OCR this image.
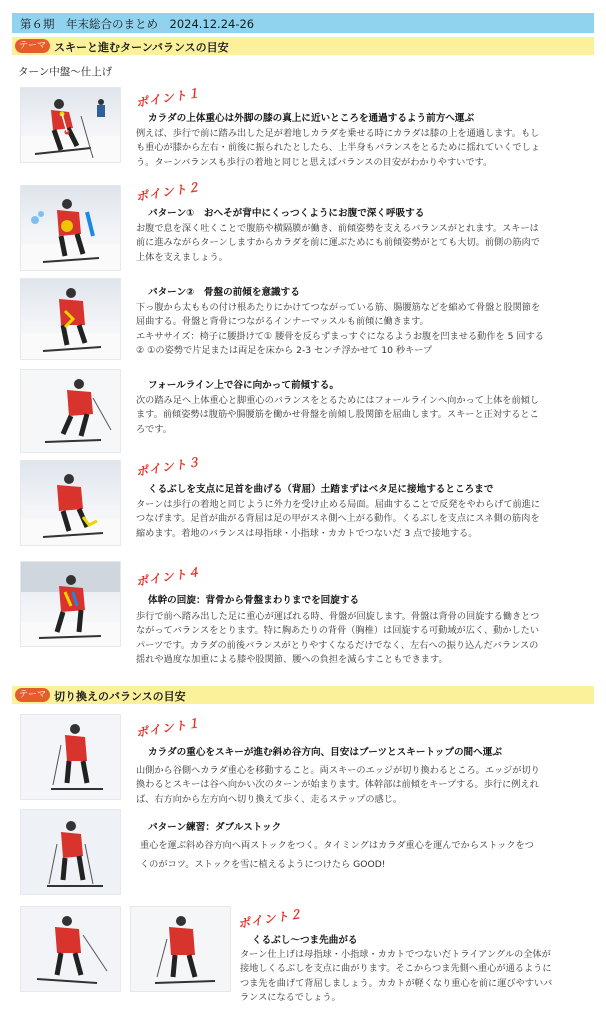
第６期　年末総合のまとめ　2024.12.24-26
テーマ スキーと進むターンバランスの目安
ターン中盤〜仕上げ
ポイント１
カラダの上体重心は外脚の膝の真上に近いところを通過するよう前方へ運ぶ
例えば、歩行で前に踏み出した足が着地しカラダを乗せる時にカラダは膝の上を通過します。もし
も重心が膝から左右・前後に振られたとしたら、上半身もバランスをとるために揺れていくでしょ
う。ターンバランスも歩行の着地と同じと思えばバランスの目安がわかりやすいです。
ポイント２
パターン①　おへそが背中にくっつくようにお腹で深く呼吸する
お腹で息を深く吐くことで腹筋や横隔膜が働き、前傾姿勢を支えるバランスがとれます。スキーは
前に進みながらターンしますからカラダを前に運ぶためにも前傾姿勢がとても大切。前側の筋肉で
上体を支えましょう。
パターン②　骨盤の前傾を意識する
下っ腹から太ももの付け根あたりにかけてつながっている筋、腸腰筋などを縮めて骨盤と股関節を
屈曲する。骨盤と背骨につながるインナーマッスルも前傾に働きます。
エキササイズ：椅子に腰掛けて① 腰骨を反らずまっすぐになるようお腹を凹ませる動作を 5 回する
② ①の姿勢で片足または両足を床から 2-3 センチ浮かせて 10 秒キープ
フォールライン上で谷に向かって前傾する。
次の踏み足へ上体重心と脚重心のバランスをとるためにはフォールラインへ向かって上体を前傾し
ます。前傾姿勢は腹筋や腸腰筋を働かせ骨盤を前傾し股関節を屈曲します。スキーと正対するとこ
ろです。
ポイント３
くるぶしを支点に足首を曲げる（背屈）土踏まずはベタ足に接地するところまで
ターンは歩行の着地と同じように外力を受け止める局面。屈曲することで反発をやわらげて前進に
つなげます。足首が曲がる背屈は足の甲がスネ側へ上がる動作。くるぶしを支点にスネ側の筋肉を
縮めます。着地のバランスは母指球・小指球・カカトでつないだ 3 点で接地する。
ポイント４
体幹の回旋：背骨から骨盤まわりまでを回旋する
歩行で前へ踏み出した足に重心が運ばれる時、骨盤が回旋します。骨盤は背骨の回旋する働きとつ
ながってバランスをとります。特に胸あたりの背骨（胸椎）は回旋する可動域が広く、動かしたい
パーツです。カラダの前後バランスがとりやすくなるだけでなく、左右への振り込んだバランスの
揺れや過度な加重による膝や股関節、腰への負担を減らすこともできます。
テーマ 切り換えのバランスの目安
ポイント１
カラダの重心をスキーが進む斜め谷方向、目安はブーツとスキートップの間へ運ぶ
山側から谷側へカラダ重心を移動すること。両スキーのエッジが切り換わるところ。エッジが切り
換わるとスキーは谷へ向かい次のターンが始まります。体幹部は前傾をキープする。歩行に例えれ
ば、右方向から左方向へ切り換えて歩く、走るステップの感じ。
パターン練習：ダブルストック
重心を運ぶ斜め谷方向へ両ストックをつく。タイミングはカラダ重心を運んでからストックをつ
くのがコツ。ストックを雪に植えるようにつけたら GOOD!
ポイント２
くるぶし〜つま先曲がる
ターン仕上げは母指球・小指球・カカトでつないだトライアングルの全体が
接地しくるぶしを支点に曲がります。そこからつま先側へ重心が通るように
つま先を曲げて背屈しましょう。カカトが軽くなり重心を前に運びやすいバ
ランスになるでしょう。
